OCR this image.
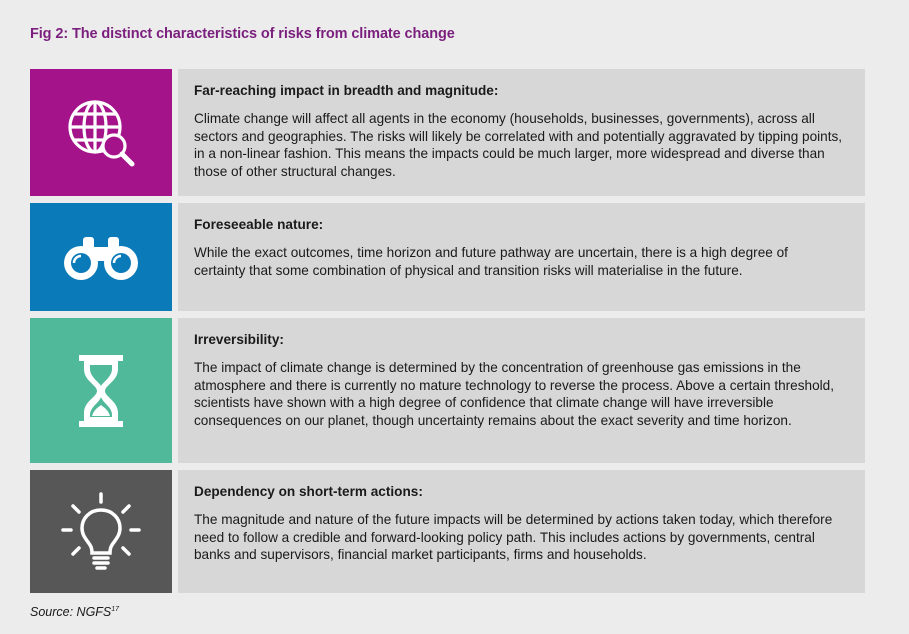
Fig 2: The distinct characteristics of risks from climate change
Far-reaching impact in breadth and magnitude:
Climate change will affect all agents in the economy (households, businesses, governments), across all sectors and geographies. The risks will likely be correlated with and potentially aggravated by tipping points, in a non-linear fashion. This means the impacts could be much larger, more widespread and diverse than those of other structural changes.
Foreseeable nature:
While the exact outcomes, time horizon and future pathway are uncertain, there is a high degree of certainty that some combination of physical and transition risks will materialise in the future.
Irreversibility:
The impact of climate change is determined by the concentration of greenhouse gas emissions in the atmosphere and there is currently no mature technology to reverse the process. Above a certain threshold, scientists have shown with a high degree of confidence that climate change will have irreversible consequences on our planet, though uncertainty remains about the exact severity and time horizon.
Dependency on short-term actions:
The magnitude and nature of the future impacts will be determined by actions taken today, which therefore need to follow a credible and forward-looking policy path. This includes actions by governments, central banks and supervisors, financial market participants, firms and households.
Source: NGFS$^{17}$
